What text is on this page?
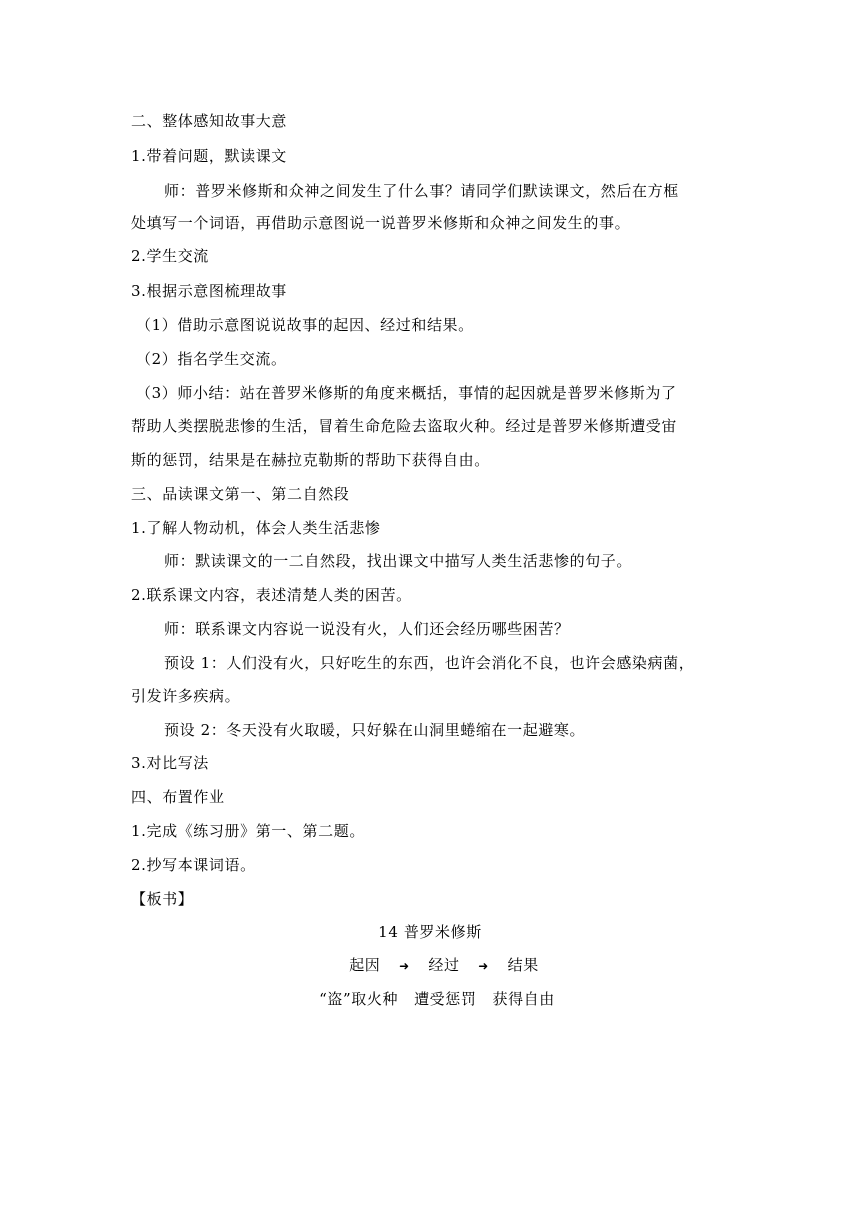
二、整体感知故事大意
1.带着问题，默读课文
师：普罗米修斯和众神之间发生了什么事？请同学们默读课文，然后在方框
处填写一个词语，再借助示意图说一说普罗米修斯和众神之间发生的事。
2.学生交流
3.根据示意图梳理故事
（1）借助示意图说说故事的起因、经过和结果。
（2）指名学生交流。
（3）师小结：站在普罗米修斯的角度来概括，事情的起因就是普罗米修斯为了
帮助人类摆脱悲惨的生活，冒着生命危险去盗取火种。经过是普罗米修斯遭受宙
斯的惩罚，结果是在赫拉克勒斯的帮助下获得自由。
三、品读课文第一、第二自然段
1.了解人物动机，体会人类生活悲惨
师：默读课文的一二自然段，找出课文中描写人类生活悲惨的句子。
2.联系课文内容，表述清楚人类的困苦。
师：联系课文内容说一说没有火，人们还会经历哪些困苦？
预设 1：人们没有火，只好吃生的东西，也许会消化不良，也许会感染病菌，
引发许多疾病。
预设 2：冬天没有火取暖，只好躲在山洞里蜷缩在一起避寒。
3.对比写法
四、布置作业
1.完成《练习册》第一、第二题。
2.抄写本课词语。
【板书】
14 普罗米修斯
起因 ➜ 经过 ➜ 结果
“盗”取火种 遭受惩罚 获得自由
